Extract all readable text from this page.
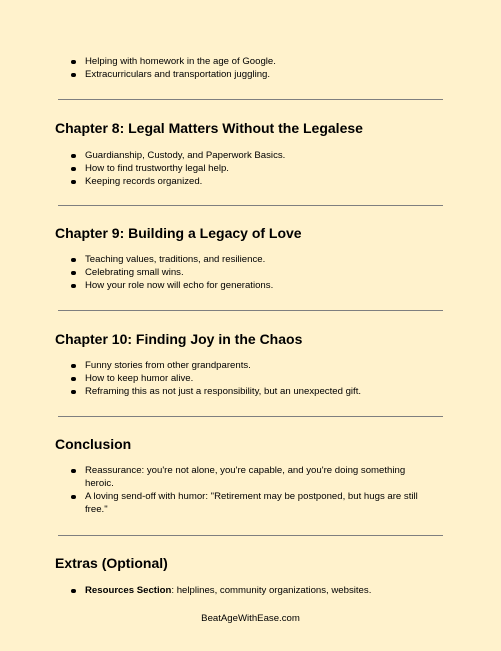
Helping with homework in the age of Google.
Extracurriculars and transportation juggling.
Chapter 8: Legal Matters Without the Legalese
Guardianship, Custody, and Paperwork Basics.
How to find trustworthy legal help.
Keeping records organized.
Chapter 9: Building a Legacy of Love
Teaching values, traditions, and resilience.
Celebrating small wins.
How your role now will echo for generations.
Chapter 10: Finding Joy in the Chaos
Funny stories from other grandparents.
How to keep humor alive.
Reframing this as not just a responsibility, but an unexpected gift.
Conclusion
Reassurance: you're not alone, you're capable, and you're doing something heroic.
A loving send-off with humor: "Retirement may be postponed, but hugs are still free."
Extras (Optional)
Resources Section: helplines, community organizations, websites.
BeatAgeWithEase.com
